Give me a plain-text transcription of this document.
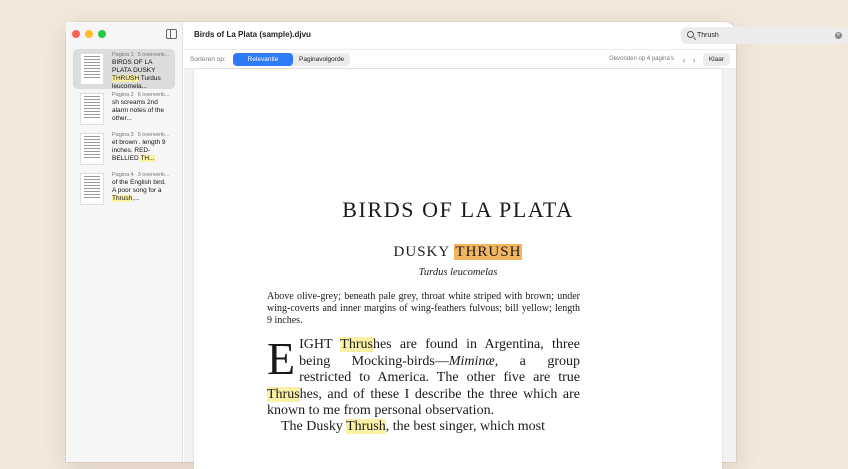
Pagina 1 5 overeenk...
BIRDS OF LA PLATA DUSKY THRUSH Turdus leucomela...
Pagina 2 6 overeenk...
sh screams 2nd alarm notes of the other...
Pagina 3 5 overeenk...
et brown . length 9 inches. RED-BELLIED TH...
Pagina 4 3 overeenk...
of the English bird. A poor song for a Thrush,...
Birds of La Plata (sample).djvu
Thrush	✕
Sorteren op:	Relevantie	Paginavolgorde	Gevonden op 4 pagina's ‹ ›	Klaar
BIRDS OF LA PLATA
DUSKY THRUSH
Turdus leucomelas
Above olive-grey; beneath pale grey, throat white striped with brown; under wing-coverts and inner margins of wing-feathers fulvous; bill yellow; length 9 inches.
EIGHT Thrushes are found in Argentina, three being Mocking-birds—Miminæ, a group restricted to America. The other five are true Thrushes, and of these I describe the three which are known to me from personal observation.
The Dusky Thrush, the best singer, which most
